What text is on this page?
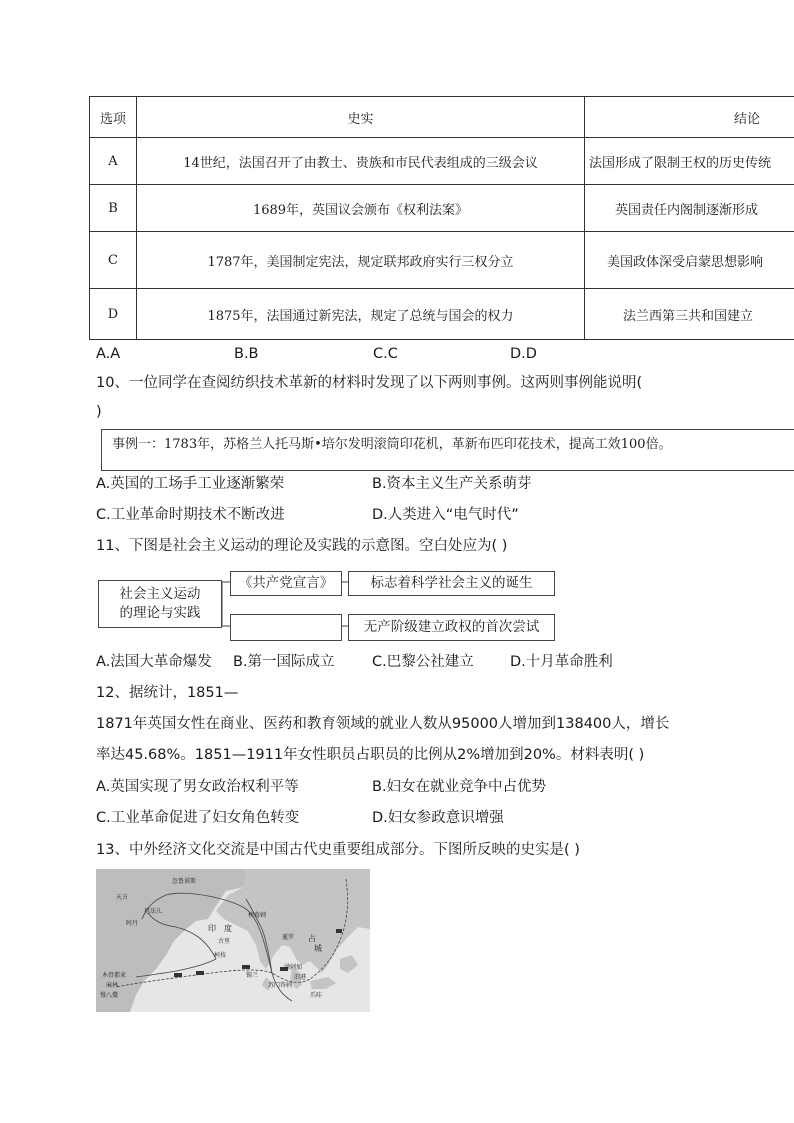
选项	史实	结论
A	14世纪，法国召开了由教士、贵族和市民代表组成的三级会议	法国形成了限制王权的历史传统
B	1689年，英国议会颁布《权利法案》	英国责任内阁制逐渐形成
C	1787年，美国制定宪法，规定联邦政府实行三权分立	美国政体深受启蒙思想影响
D	1875年，法国通过新宪法，规定了总统与国会的权力	法兰西第三共和国建立
A.A	B.B	C.C	D.D
10、一位同学在查阅纺织技术革新的材料时发现了以下两则事例。这两则事例能说明(
)
事例一：1783年，苏格兰人托马斯•培尔发明滚筒印花机，革新布匹印花技术，提高工效100倍。
A.英国的工场手工业逐渐繁荣	B.资本主义生产关系萌芽
C.工业革命时期技术不断改进	D.人类进入“电气时代”
11、下图是社会主义运动的理论及实践的示意图。空白处应为( )
社会主义运动
的理论与实践
《共产党宣言》	标志着科学社会主义的诞生
无产阶级建立政权的首次尝试
A.法国大革命爆发 B.第一国际成立	C.巴黎公社建立	D.十月革命胜利
12、据统计，1851—
1871年英国女性在商业、医药和教育领域的就业人数从95000人增加到138400人，增长
率达45.68%。1851—1911年女性职员占职员的比例从2%增加到20%。材料表明( )
A.英国实现了男女政治权利平等	B.妇女在就业竞争中占优势
C.工业革命促进了妇女角色转变	D.妇女参政意识增强
13、中外经济文化交流是中国古代史重要组成部分。下图所反映的史实是( )
忽鲁谟斯
天方
祖法儿
阿丹
印 度
榜葛剌
古里
柯枝
暹罗 占
城
满剌加
旧港
爪哇
木骨都束
麻林
慢八撒
苏门答剌
锡兰
